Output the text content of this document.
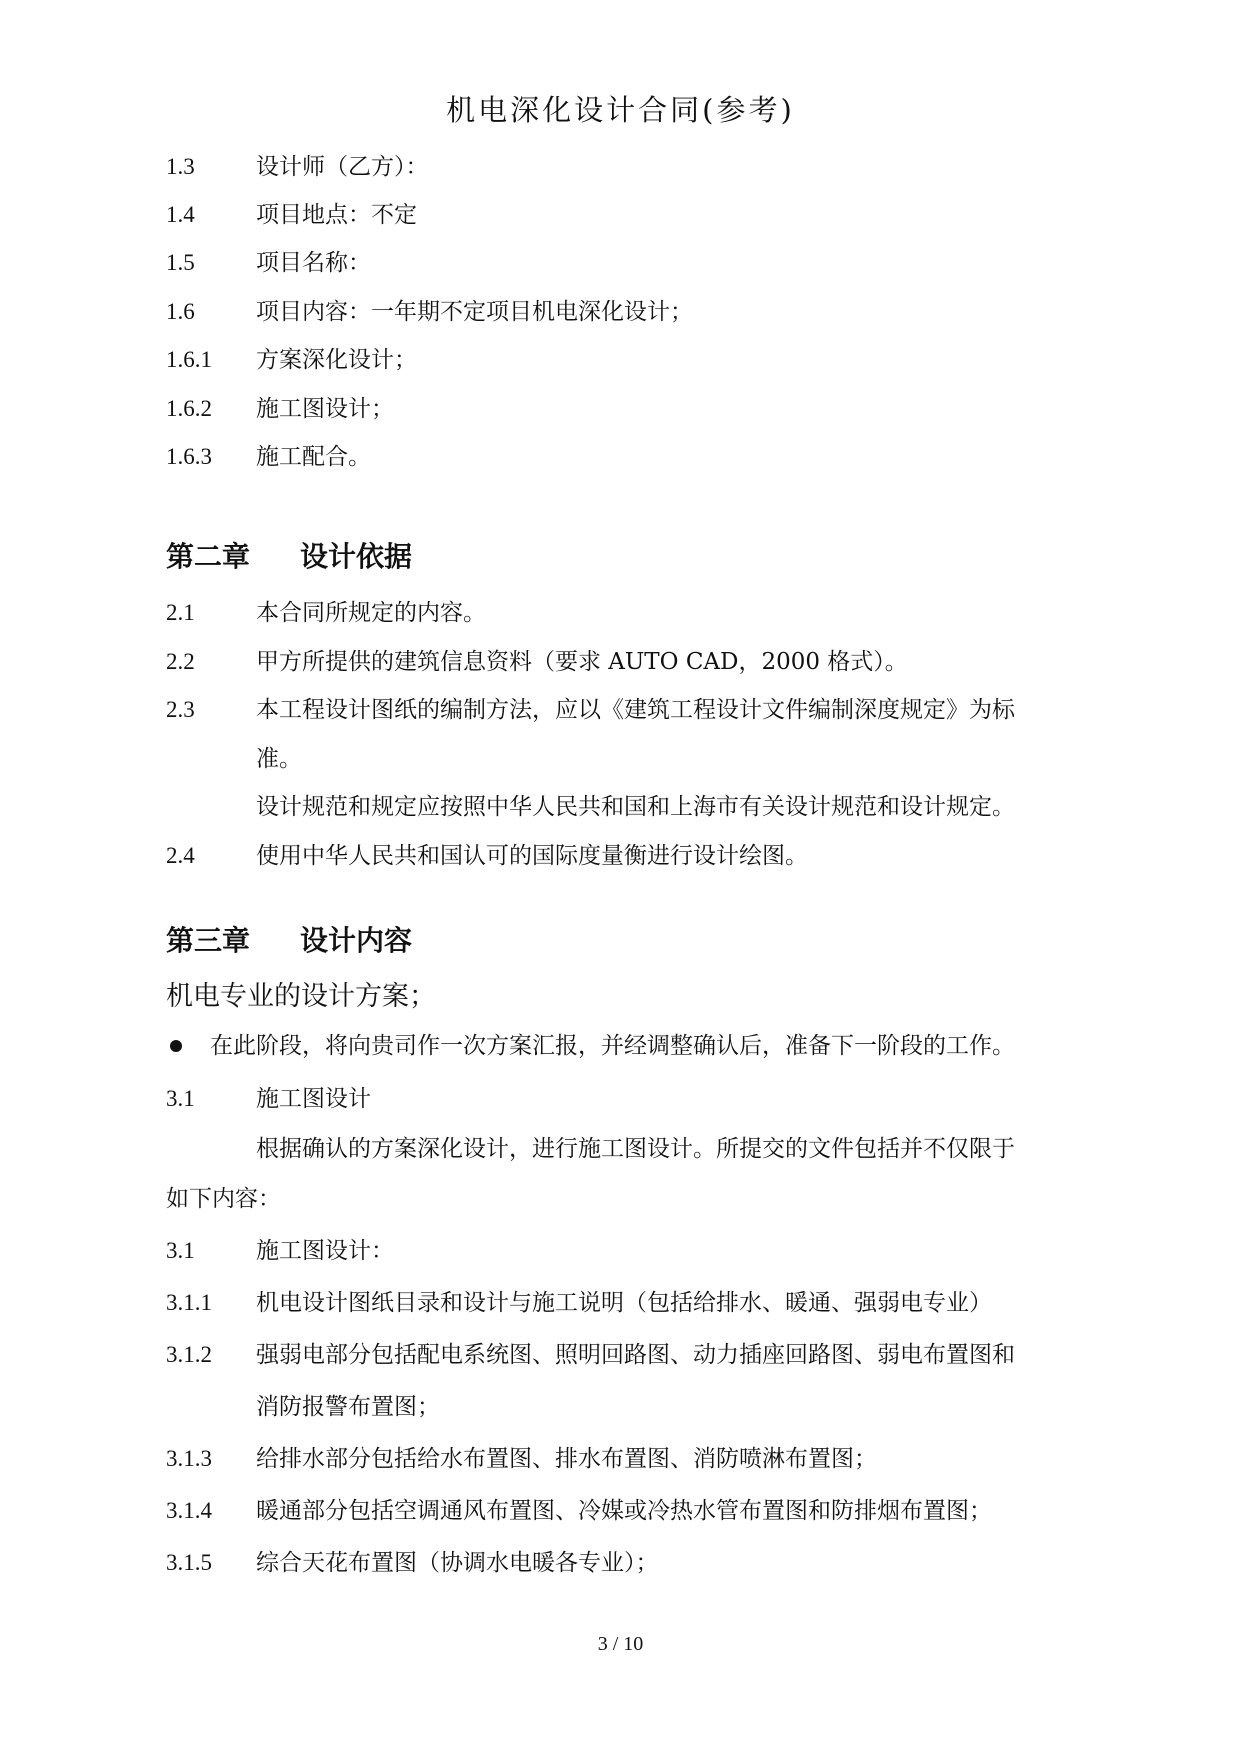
机电深化设计合同(参考)
1.3	设计师（乙方）：
1.4	项目地点：不定
1.5	项目名称：
1.6	项目内容：一年期不定项目机电深化设计；
1.6.1 方案深化设计；
1.6.2 施工图设计；
1.6.3 施工配合。
第二章 设计依据
2.1	本合同所规定的内容。
2.2	甲方所提供的建筑信息资料（要求 AUTO CAD，2000 格式）。
2.3	本工程设计图纸的编制方法，应以《建筑工程设计文件编制深度规定》为标
准。
设计规范和规定应按照中华人民共和国和上海市有关设计规范和设计规定。
2.4	使用中华人民共和国认可的国际度量衡进行设计绘图。
第三章 设计内容
机电专业的设计方案；
在此阶段，将向贵司作一次方案汇报，并经调整确认后，准备下一阶段的工作。
3.1	施工图设计
根据确认的方案深化设计，进行施工图设计。所提交的文件包括并不仅限于
如下内容：
3.1	施工图设计：
3.1.1 机电设计图纸目录和设计与施工说明（包括给排水、暖通、强弱电专业）
3.1.2 强弱电部分包括配电系统图、照明回路图、动力插座回路图、弱电布置图和
消防报警布置图；
3.1.3 给排水部分包括给水布置图、排水布置图、消防喷淋布置图；
3.1.4 暖通部分包括空调通风布置图、冷媒或冷热水管布置图和防排烟布置图；
3.1.5 综合天花布置图（协调水电暖各专业）；
3 / 10
